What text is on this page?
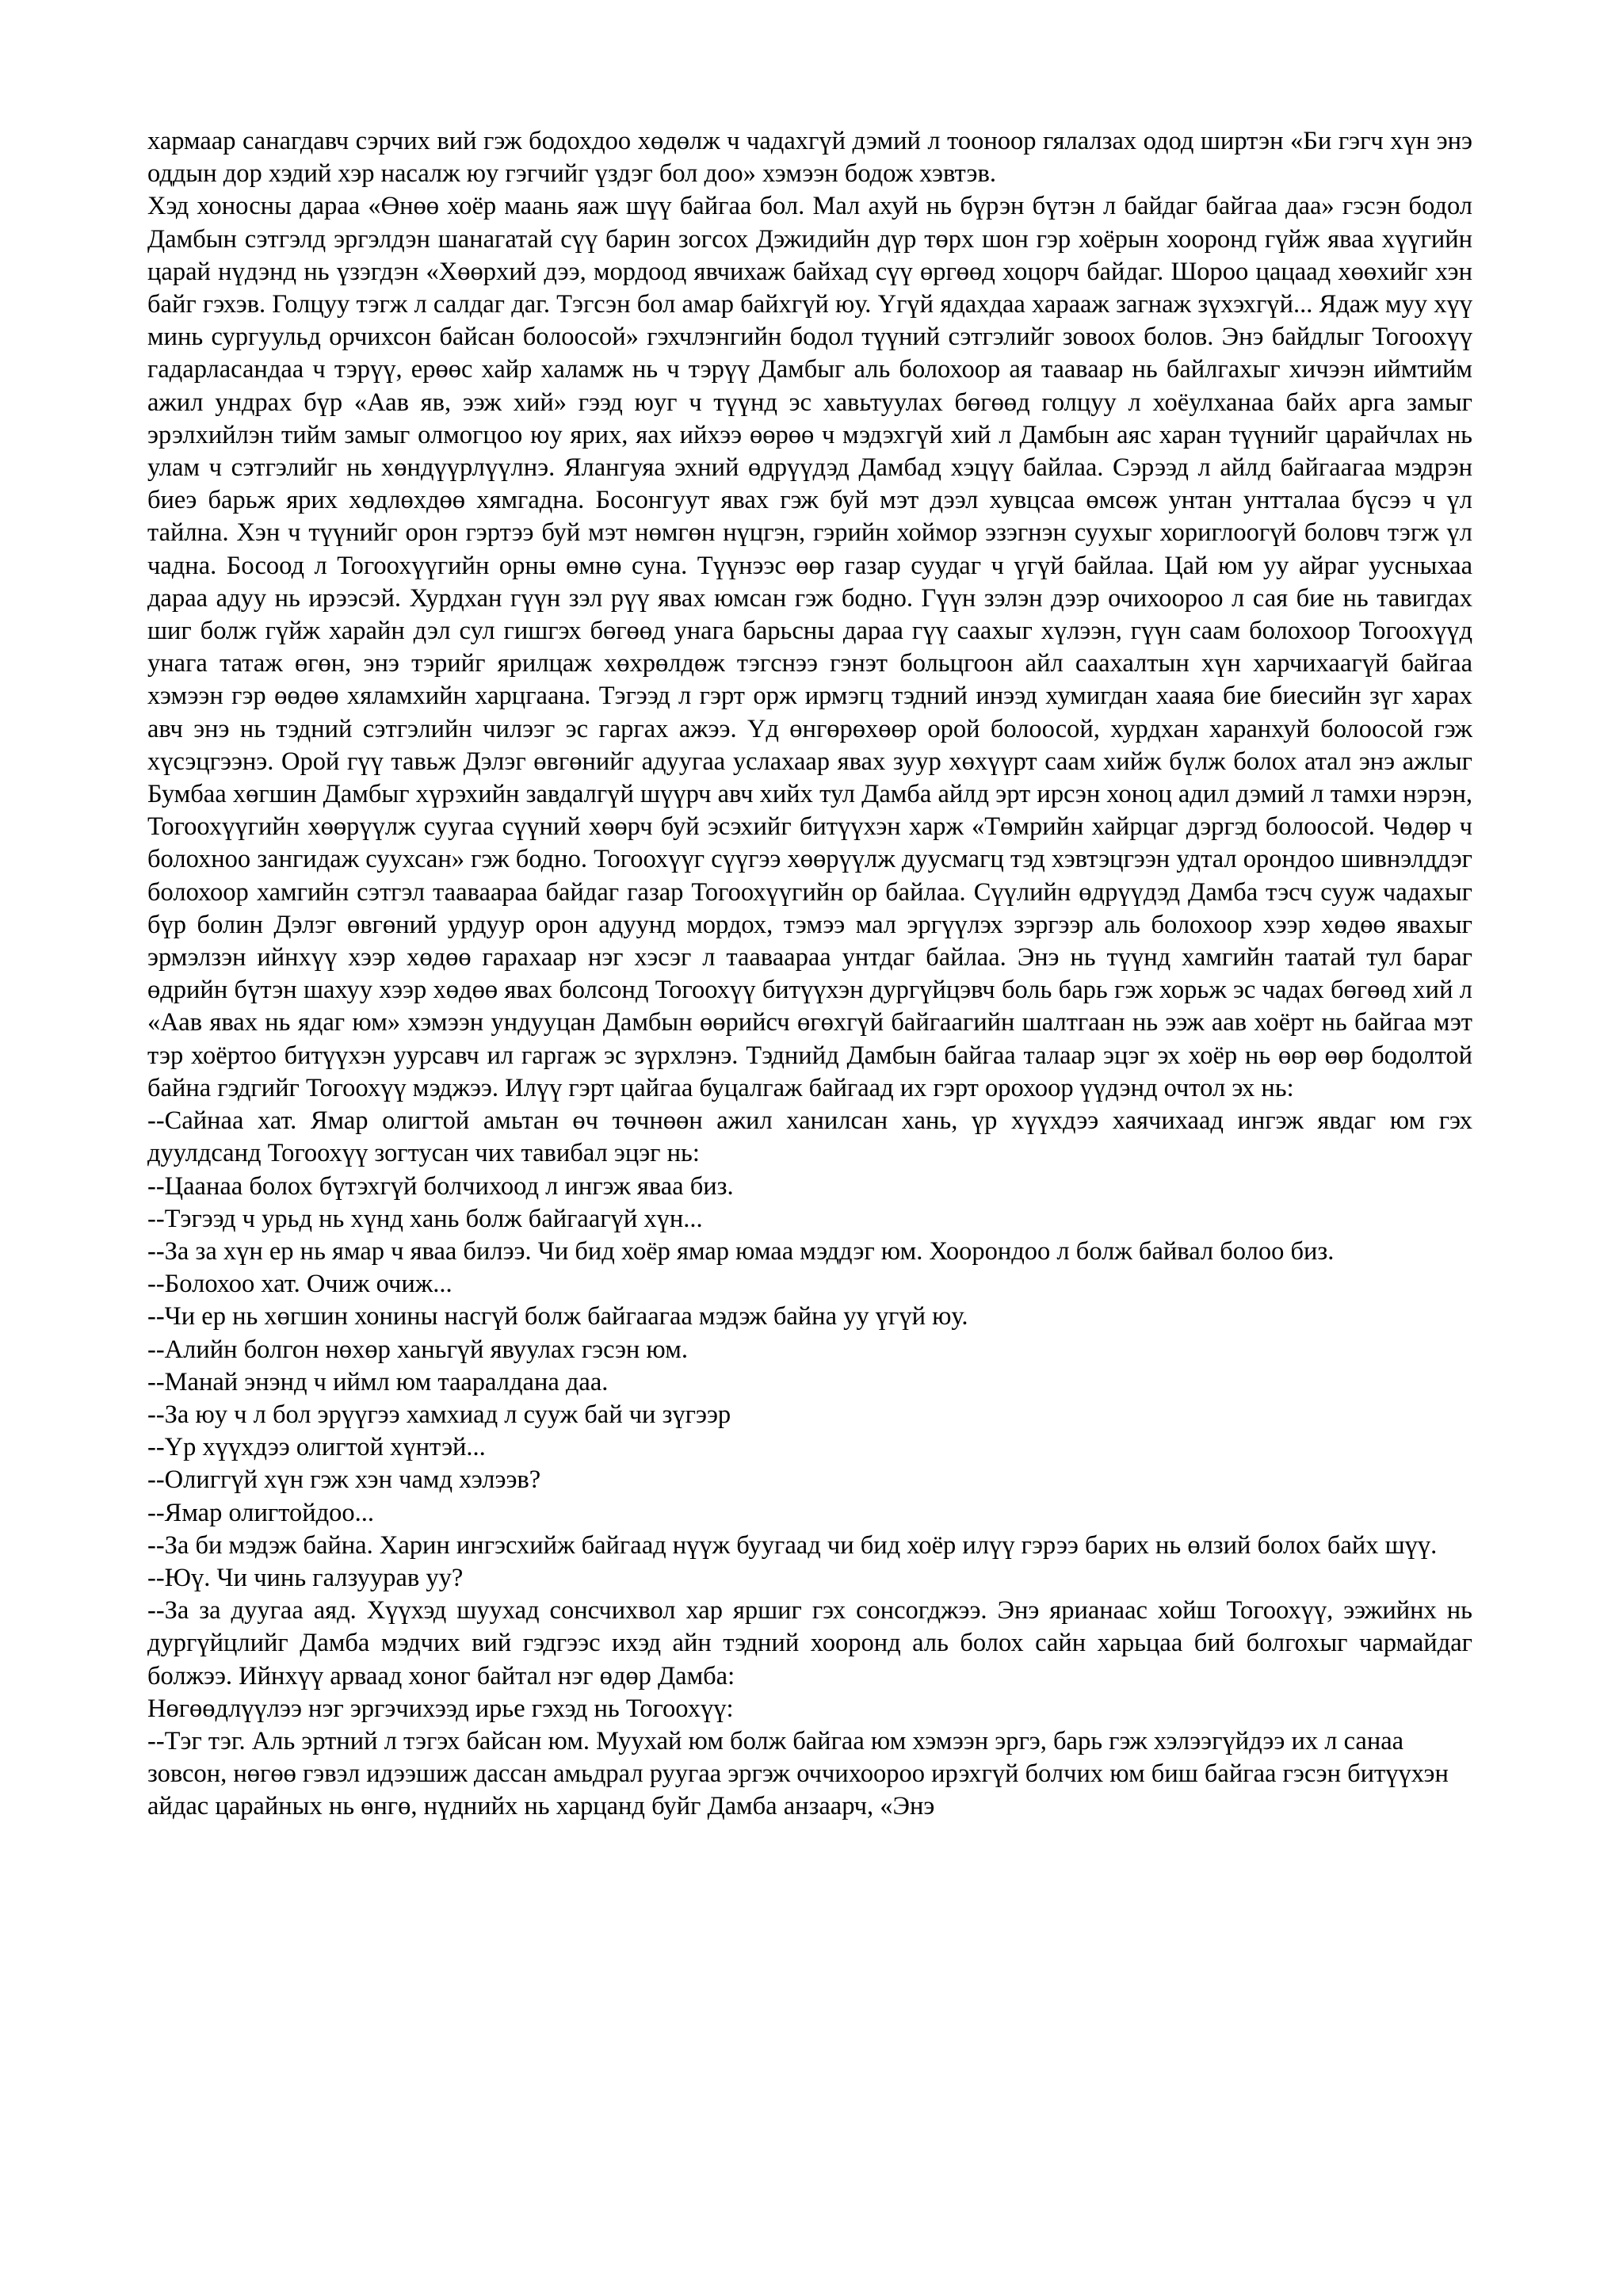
хармаар санагдавч сэрчих вий гэж бодохдоо хөдөлж ч чадахгүй дэмий л тооноор гялалзах одод ширтэн «Би гэгч хүн энэ оддын дор хэдий хэр насалж юу гэгчийг үздэг бол доо» хэмээн бодож хэвтэв.

Хэд хоносны дараа «Өнөө хоёр маань яаж шүү байгаа бол. Мал ахуй нь бүрэн бүтэн л байдаг байгаа даа» гэсэн бодол Дамбын сэтгэлд эргэлдэн шанагатай сүү барин зогсох Дэжидийн дүр төрх шон гэр хоёрын хооронд гүйж яваа хүүгийн царай нүдэнд нь үзэгдэн «Хөөрхий дээ, мордоод явчихаж байхад сүү өргөөд хоцорч байдаг. Шороо цацаад хөөхийг хэн байг гэхэв. Голцуу тэгж л салдаг даг. Тэгсэн бол амар байхгүй юу. Үгүй ядахдаа харааж загнаж зүхэхгүй... Ядаж муу хүү минь сургуульд орчихсон байсан болоосой» гэхчлэнгийн бодол түүний сэтгэлийг зовоох болов. Энэ байдлыг Тогоохүү гадарласандаа ч тэрүү, ерөөс хайр халамж нь ч тэрүү Дамбыг аль болохоор ая тааваар нь байлгахыг хичээн иймтийм ажил ундрах бүр «Аав яв, ээж хий» гээд юуг ч түүнд эс хавьтуулах бөгөөд голцуу л хоёулханаа байх арга замыг эрэлхийлэн тийм замыг олмогцоо юу ярих, яах ийхээ өөрөө ч мэдэхгүй хий л Дамбын аяс харан түүнийг царайчлах нь улам ч сэтгэлийг нь хөндүүрлүүлнэ. Ялангуяа эхний өдрүүдэд Дамбад хэцүү байлаа. Сэрээд л айлд байгаагаа мэдрэн биеэ барьж ярих хөдлөхдөө хямгадна. Босонгуут явах гэж буй мэт дээл хувцсаа өмсөж унтан унтталаа бүсээ ч үл тайлна. Хэн ч түүнийг орон гэртээ буй мэт нөмгөн нүцгэн, гэрийн хоймор эзэгнэн суухыг хориглоогүй боловч тэгж үл чадна. Босоод л Тогоохүүгийн орны өмнө суна. Түүнээс өөр газар суудаг ч үгүй байлаа. Цай юм уу айраг уусныхаа дараа адуу нь ирээсэй. Хурдхан гүүн зэл рүү явах юмсан гэж бодно. Гүүн зэлэн дээр очихоороо л сая бие нь тавигдах шиг болж гүйж харайн дэл сул гишгэх бөгөөд унага барьсны дараа гүү саахыг хүлээн, гүүн саам болохоор Тогоохүүд унага татаж өгөн, энэ тэрийг ярилцаж хөхрөлдөж тэгснээ гэнэт больцгоон айл саахалтын хүн харчихаагүй байгаа хэмээн гэр өөдөө хяламхийн харцгаана. Тэгээд л гэрт орж ирмэгц тэдний инээд хумигдан хааяа бие биесийн зүг харах авч энэ нь тэдний сэтгэлийн чилээг эс гаргах ажээ. Үд өнгөрөхөөр орой болоосой, хурдхан харанхуй болоосой гэж хүсэцгээнэ. Орой гүү тавьж Дэлэг өвгөнийг адуугаа услахаар явах зуур хөхүүрт саам хийж бүлж болох атал энэ ажлыг Бумбаа хөгшин Дамбыг хүрэхийн завдалгүй шүүрч авч хийх тул Дамба айлд эрт ирсэн хоноц адил дэмий л тамхи нэрэн, Тогоохүүгийн хөөрүүлж суугаа сүүний хөөрч буй эсэхийг битүүхэн харж «Төмрийн хайрцаг дэргэд болоосой. Чөдөр ч болохноо зангидаж суухсан» гэж бодно. Тогоохүүг сүүгээ хөөрүүлж дуусмагц тэд хэвтэцгээн удтал орондоо шивнэлддэг болохоор хамгийн сэтгэл тааваараа байдаг газар Тогоохүүгийн ор байлаа. Сүүлийн өдрүүдэд Дамба тэсч сууж чадахыг бүр болин Дэлэг өвгөний урдуур орон адуунд мордох, тэмээ мал эргүүлэх зэргээр аль болохоор хээр хөдөө явахыг эрмэлзэн ийнхүү хээр хөдөө гарахаар нэг хэсэг л тааваараа унтдаг байлаа. Энэ нь түүнд хамгийн таатай тул бараг өдрийн бүтэн шахуу хээр хөдөө явах болсонд Тогоохүү битүүхэн дургүйцэвч боль барь гэж хорьж эс чадах бөгөөд хий л «Аав явах нь ядаг юм» хэмээн ундууцан Дамбын өөрийсч өгөхгүй байгаагийн шалтгаан нь ээж аав хоёрт нь байгаа мэт тэр хоёртоо битүүхэн уурсавч ил гаргаж эс зүрхлэнэ. Тэднийд Дамбын байгаа талаар эцэг эх хоёр нь өөр өөр бодолтой байна гэдгийг Тогоохүү мэджээ. Илүү гэрт цайгаа буцалгаж байгаад их гэрт орохоор үүдэнд очтол эх нь:

--Сайнаа хат. Ямар олигтой амьтан өч төчнөөн ажил ханилсан хань, үр хүүхдээ хаячихаад ингэж явдаг юм гэх дуулдсанд Тогоохүү зогтусан чих тавибал эцэг нь:

--Цаанаа болох бүтэхгүй болчихоод л ингэж яваа биз.

--Тэгээд ч урьд нь хүнд хань болж байгаагүй хүн...

--За за хүн ер нь ямар ч яваа билээ. Чи бид хоёр ямар юмаа мэддэг юм. Хоорондоо л болж байвал болоо биз.

--Болохоо хат. Очиж очиж...

--Чи ер нь хөгшин хонины насгүй болж байгаагаа мэдэж байна уу үгүй юу.

--Алийн болгон нөхөр ханьгүй явуулах гэсэн юм.

--Манай энэнд ч иймл юм тааралдана даа.

--За юу ч л бол эрүүгээ хамхиад л сууж бай чи зүгээр

--Үр хүүхдээ олигтой хүнтэй...

--Олиггүй хүн гэж хэн чамд хэлээв?

--Ямар олигтойдоо...

--За би мэдэж байна. Харин ингэсхийж байгаад нүүж буугаад чи бид хоёр илүү гэрээ барих нь өлзий болох байх шүү.

--Юү. Чи чинь галзуурав уу?

--За за дуугаа аяд. Хүүхэд шуухад сонсчихвол хар яршиг гэх сонсогджээ. Энэ ярианаас хойш Тогоохүү, ээжийнх нь дургүйцлийг Дамба мэдчих вий гэдгээс ихэд айн тэдний хооронд аль болох сайн харьцаа бий болгохыг чармайдаг болжээ. Ийнхүү арваад хоног байтал нэг өдөр Дамба:

Нөгөөдлүүлээ нэг эргэчихээд ирье гэхэд нь Тогоохүү:

--Тэг тэг. Аль эртний л тэгэх байсан юм. Муухай юм болж байгаа юм хэмээн эргэ, барь гэж хэлээгүйдээ их л санаа зовсон, нөгөө гэвэл идээшиж дассан амьдрал руугаа эргэж оччихоороо ирэхгүй болчих юм биш байгаа гэсэн битүүхэн айдас царайных нь өнгө, нүднийх нь харцанд буйг Дамба анзаарч, «Энэ
